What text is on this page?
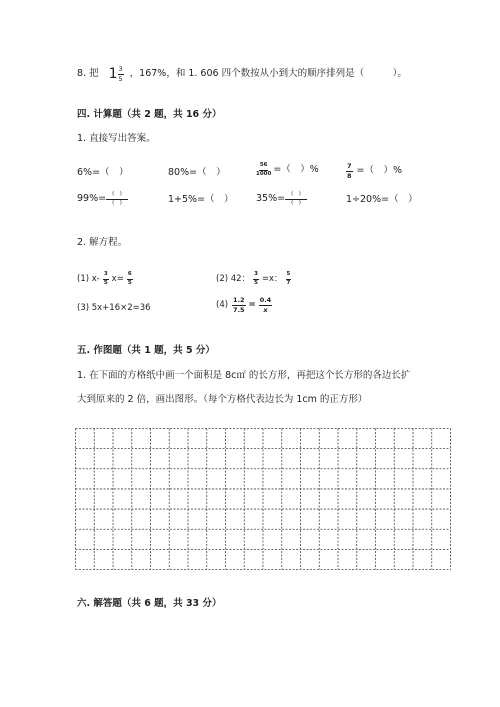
8. 把 $1 \frac{3}{5}$ ，167%，和 1. 606 四个数按从小到大的顺序排列是（　　　）。
四. 计算题（共 2 题，共 16 分）
1. 直接写出答案。
6%=（　）	80%=（　）	$\frac{56}{1000}$ =（　）%	$\frac{7}{8}$ =（　）%
$99\%= \frac{( )}{( )}$	1+5%=（　） $35\%= \frac{( )}{( )}$	1÷20%=（　）
2. 解方程。
(1) $x- \frac{3}{5} x= \frac{6}{5}$	(2) 42： $\frac{3}{5} =x$： $\frac{5}{7}$
(3) 5x+16×2=36	$(4) \frac{1.2}{7.5} = \frac{0.4}{x}$
五. 作图题（共 1 题，共 5 分）
1. 在下面的方格纸中画一个面积是 8c㎡ 的长方形，再把这个长方形的各边长扩
大到原来的 2 倍，画出图形。（每个方格代表边长为 1cm 的正方形）
六. 解答题（共 6 题，共 33 分）
